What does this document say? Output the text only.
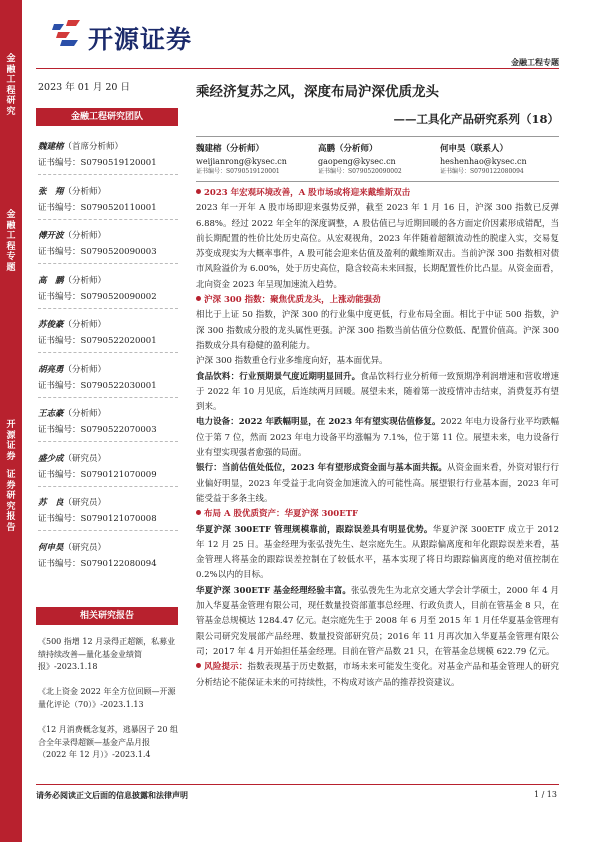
金融工程研究
金融工程专题
开源证券
证券研究报告
开源证券
金融工程专题
2023 年 01 月 20 日
金融工程研究团队
魏建榕（首席分析师）
证书编号：S0790519120001
张　翔（分析师）
证书编号：S0790520110001
傅开波（分析师）
证书编号：S0790520090003
高　鹏（分析师）
证书编号：S0790520090002
苏俊豪（分析师）
证书编号：S0790522020001
胡亮勇（分析师）
证书编号：S0790522030001
王志豪（分析师）
证书编号：S0790522070003
盛少成（研究员）
证书编号：S0790121070009
苏　良（研究员）
证书编号：S0790121070008
何申昊（研究员）
证书编号：S0790122080094
相关研究报告
《500 指增 12 月录得正超额，私募业绩持续改善—量化基金业绩简报》-2023.1.18
《北上资金 2022 年全方位回顾—开源量化评论（70）》-2023.1.13
《12 月消费概念复苏，逃暴因子 20 组合全年录得超额—基金产品月报（2022 年 12 月）》-2023.1.4
乘经济复苏之风，深度布局沪深优质龙头
——工具化产品研究系列（18）
魏建榕（分析师）
weijianrong@kysec.cn
证书编号：S0790519120001
高鹏（分析师）
gaopeng@kysec.cn
证书编号：S0790520090002
何申昊（联系人）
heshenhao@kysec.cn
证书编号：S0790122080094

2023 年宏观环境改善，A 股市场或将迎来戴维斯双击

2023 年一开年 A 股市场即迎来强势反弹，截至 2023 年 1 月 16 日，沪深 300 指数已反弹 6.88%。经过 2022 年全年的深度调整，A 股估值已与近期回暖的各方面定价因素形成错配，当前长期配置的性价比处历史高位。从宏观视角，2023 年伴随着超额流动性的脱虚入实，交易复苏变成现实为大概率事件，A 股可能会迎来估值及盈利的戴维斯双击。当前沪深 300 指数相对债市风险溢价为 6.00%，处于历史高位，隐含较高未来回报，长期配置性价比凸显。从资金面看，北向资金 2023 年呈现加速流入趋势。

沪深 300 指数：聚焦优质龙头，上涨动能强劲

相比于上证 50 指数，沪深 300 的行业集中度更低，行业布局全面。相比于中证 500 指数，沪深 300 指数成分股的龙头属性更强。沪深 300 指数当前估值分位数低、配置价值高。沪深 300 指数成分具有稳健的盈利能力。

沪深 300 指数重仓行业多维度向好，基本面优异。

食品饮料：行业预期景气度近期明显回升。食品饮料行业分析师一致预期净利润增速和营收增速于 2022 年 10 月见底，后连续两月回暖。展望未来，随着第一波疫情冲击结束，消费复苏有望到来。

电力设备：2022 年跌幅明显，在 2023 年有望实现估值修复。2022 年电力设备行业平均跌幅位于第 7 位，然而 2023 年电力设备平均涨幅为 7.1%，位于第 11 位。展望未来，电力设备行业有望实现强者愈强的局面。

银行：当前估值处低位，2023 年有望形成资金面与基本面共振。从资金面来看，外资对银行行业偏好明显，2023 年受益于北向资金加速流入的可能性高。展望银行行业基本面，2023 年可能受益于多条主线。

布局 A 股优质资产：华夏沪深 300ETF

华夏沪深 300ETF 管理规模靠前，跟踪误差具有明显优势。华夏沪深 300ETF 成立于 2012 年 12 月 25 日。基金经理为张弘弢先生、赵宗庭先生。从跟踪偏离度和年化跟踪误差来看，基金管理人将基金的跟踪误差控制在了较低水平，基本实现了将日均跟踪偏离度的绝对值控制在 0.2%以内的目标。

华夏沪深 300ETF 基金经理经验丰富。张弘弢先生为北京交通大学会计学硕士，2000 年 4 月加入华夏基金管理有限公司，现任数量投资部董事总经理、行政负责人，目前在管基金 8 只，在管基金总规模达 1284.47 亿元。赵宗庭先生于 2008 年 6 月至 2015 年 1 月任华夏基金管理有限公司研究发展部产品经理、数量投资部研究员；2016 年 11 月再次加入华夏基金管理有限公司；2017 年 4 月开始担任基金经理。目前在管产品数 21 只，在管基金总规模 622.79 亿元。

风险提示：指数表现基于历史数据，市场未来可能发生变化。对基金产品和基金管理人的研究分析结论不能保证未来的可持续性，不构成对该产品的推荐投资建议。

请务必阅读正文后面的信息披露和法律声明	1 / 13
